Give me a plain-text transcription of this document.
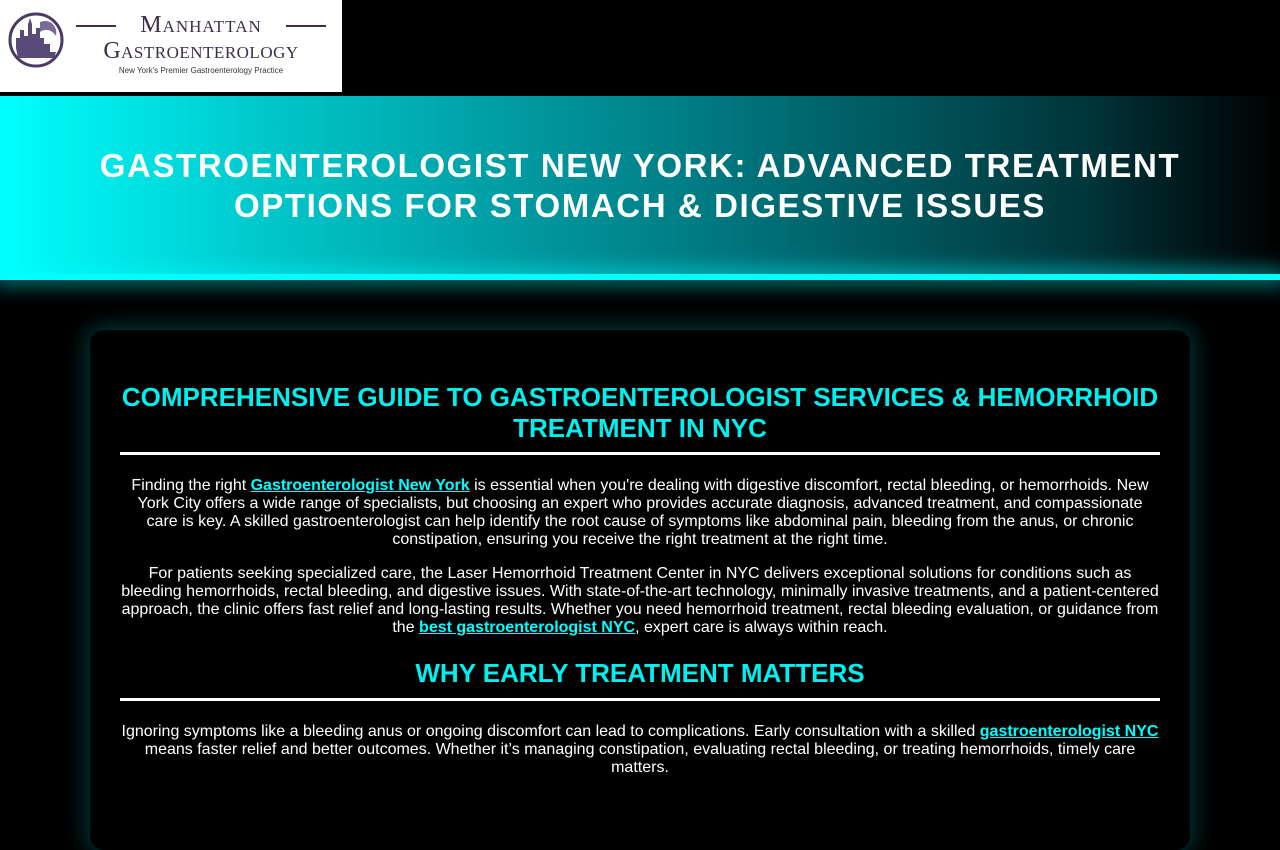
Manhattan
Gastroenterology
New York's Premier Gastroenterology Practice
GASTROENTEROLOGIST NEW YORK: ADVANCED TREATMENT OPTIONS FOR STOMACH & DIGESTIVE ISSUES
COMPREHENSIVE GUIDE TO GASTROENTEROLOGIST SERVICES & HEMORRHOID TREATMENT IN NYC

Finding the right Gastroenterologist New York is essential when you're dealing with digestive discomfort, rectal bleeding, or hemorrhoids. New York City offers a wide range of specialists, but choosing an expert who provides accurate diagnosis, advanced treatment, and compassionate care is key. A skilled gastroenterologist can help identify the root cause of symptoms like abdominal pain, bleeding from the anus, or chronic constipation, ensuring you receive the right treatment at the right time.

For patients seeking specialized care, the Laser Hemorrhoid Treatment Center in NYC delivers exceptional solutions for conditions such as bleeding hemorrhoids, rectal bleeding, and digestive issues. With state-of-the-art technology, minimally invasive treatments, and a patient-centered approach, the clinic offers fast relief and long-lasting results. Whether you need hemorrhoid treatment, rectal bleeding evaluation, or guidance from the best gastroenterologist NYC, expert care is always within reach.

WHY EARLY TREATMENT MATTERS

Ignoring symptoms like a bleeding anus or ongoing discomfort can lead to complications. Early consultation with a skilled gastroenterologist NYC means faster relief and better outcomes. Whether it’s managing constipation, evaluating rectal bleeding, or treating hemorrhoids, timely care matters.
